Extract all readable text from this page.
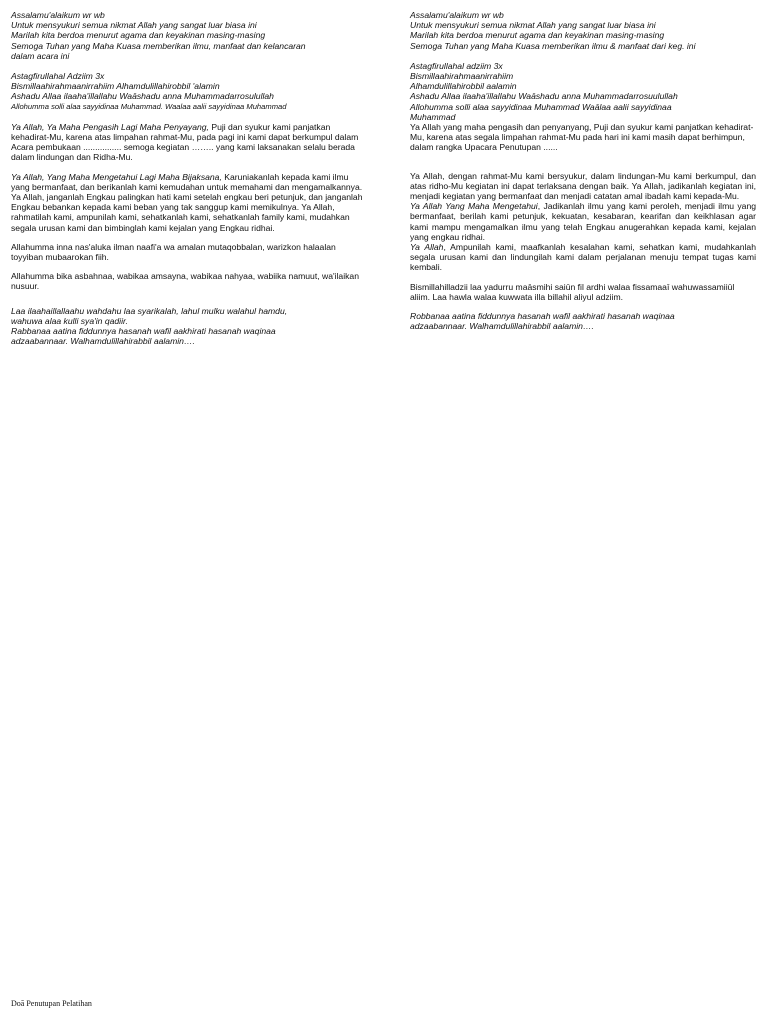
Assalamu'alaikum wr wb
Untuk mensyukuri semua nikmat Allah yang sangat luar biasa ini
Marilah kita berdoa menurut agama dan keyakinan masing-masing
Semoga Tuhan yang Maha Kuasa memberikan ilmu, manfaat dan kelancaran
dalam acara ini
Astagfirullahal Adziim 3x
Bismillaahirahmaanirrahiim Alhamdulillahirobbil 'alamin
Ashadu Allaa ilaaha'illallahu Waāshadu anna Muhammadarrosulullah
Allohumma solli alaa sayyidinaa Muhammad. Waalaa aalii sayyidinaa Muhammad

Ya Allah, Ya Maha Pengasih Lagi Maha Penyayang, Puji dan syukur kami panjatkan kehadirat-Mu, karena atas limpahan rahmat-Mu, pada pagi ini kami dapat berkumpul dalam Acara pembukaan ................ semoga kegiatan …….. yang kami laksanakan selalu berada dalam lindungan dan Ridha-Mu.

Ya Allah, Yang Maha Mengetahui Lagi Maha Bijaksana, Karuniakanlah kepada kami ilmu yang bermanfaat, dan berikanlah kami kemudahan untuk memahami dan mengamalkannya. Ya Allah, janganlah Engkau palingkan hati kami setelah engkau beri petunjuk, dan janganlah Engkau bebankan kepada kami beban yang tak sanggup kami memikulnya. Ya Allah, rahmatilah kami, ampunilah kami, sehatkanlah kami, sehatkanlah family kami, mudahkan segala urusan kami dan bimbinglah kami kejalan yang Engkau ridhai.

Allahumma inna nas'aluka ilman naafi'a wa amalan mutaqobbalan, warizkon halaalan toyyiban mubaarokan fiih.

Allahumma bika asbahnaa, wabikaa amsayna, wabikaa nahyaa, wabiika namuut, wa'ilaikan nusuur.

Laa ilaahaillallaahu wahdahu laa syarikalah, lahul mulku walahul hamdu,
wahuwa alaa kulli sya'in qadiir.
Rabbanaa aatina fiddunnya hasanah wafil aakhirati hasanah waqinaa
adzaabannaar. Walhamdulillahirabbil aalamin….
Assalamu'alaikum wr wb
Untuk mensyukuri semua nikmat Allah yang sangat luar biasa ini
Marilah kita berdoa menurut agama dan keyakinan masing-masing
Semoga Tuhan yang Maha Kuasa memberikan ilmu & manfaat dari keg. ini
Astagfirullahal adziim 3x
Bismillaahirahmaanirrahiim
Alhamdulillahirobbil aalamin
Ashadu Allaa ilaaha'illallahu Waāshadu anna Muhammadarrosuulullah
Allohumma solli alaa sayyidinaa Muhammad Waālaa aalii sayyidinaa
Muhammad

Ya Allah yang maha pengasih dan penyanyang, Puji dan syukur kami panjatkan kehadirat-Mu, karena atas segala limpahan rahmat-Mu pada hari ini kami masih dapat berhimpun, dalam rangka Upacara Penutupan ......

Ya Allah, dengan rahmat-Mu kami bersyukur, dalam lindungan-Mu kami berkumpul, dan atas ridho-Mu kegiatan ini dapat terlaksana dengan baik. Ya Allah, jadikanlah kegiatan ini, menjadi kegiatan yang bermanfaat dan menjadi catatan amal ibadah kami kepada-Mu.
Ya Allah Yang Maha Mengetahui, Jadikanlah ilmu yang kami peroleh, menjadi ilmu yang bermanfaat, berilah kami petunjuk, kekuatan, kesabaran, kearifan dan keikhlasan agar kami mampu mengamalkan ilmu yang telah Engkau anugerahkan kepada kami, kejalan yang engkau ridhai.
Ya Allah, Ampunilah kami, maafkanlah kesalahan kami, sehatkan kami, mudahkanlah segala urusan kami dan lindungilah kami dalam perjalanan menuju tempat tugas kami kembali.

Bismillahilladzii laa yadurru maāsmihi saiūn fil ardhi walaa fissamaaī wahuwassamiiūl aliim. Laa hawla walaa kuwwata illa billahil aliyul adziim.

Robbanaa aatina fiddunnya hasanah wafil aakhirati hasanah waqinaa
adzaabannaar. Walhamdulillahirabbil aalamin….
Doā Penutupan Pelatihan
